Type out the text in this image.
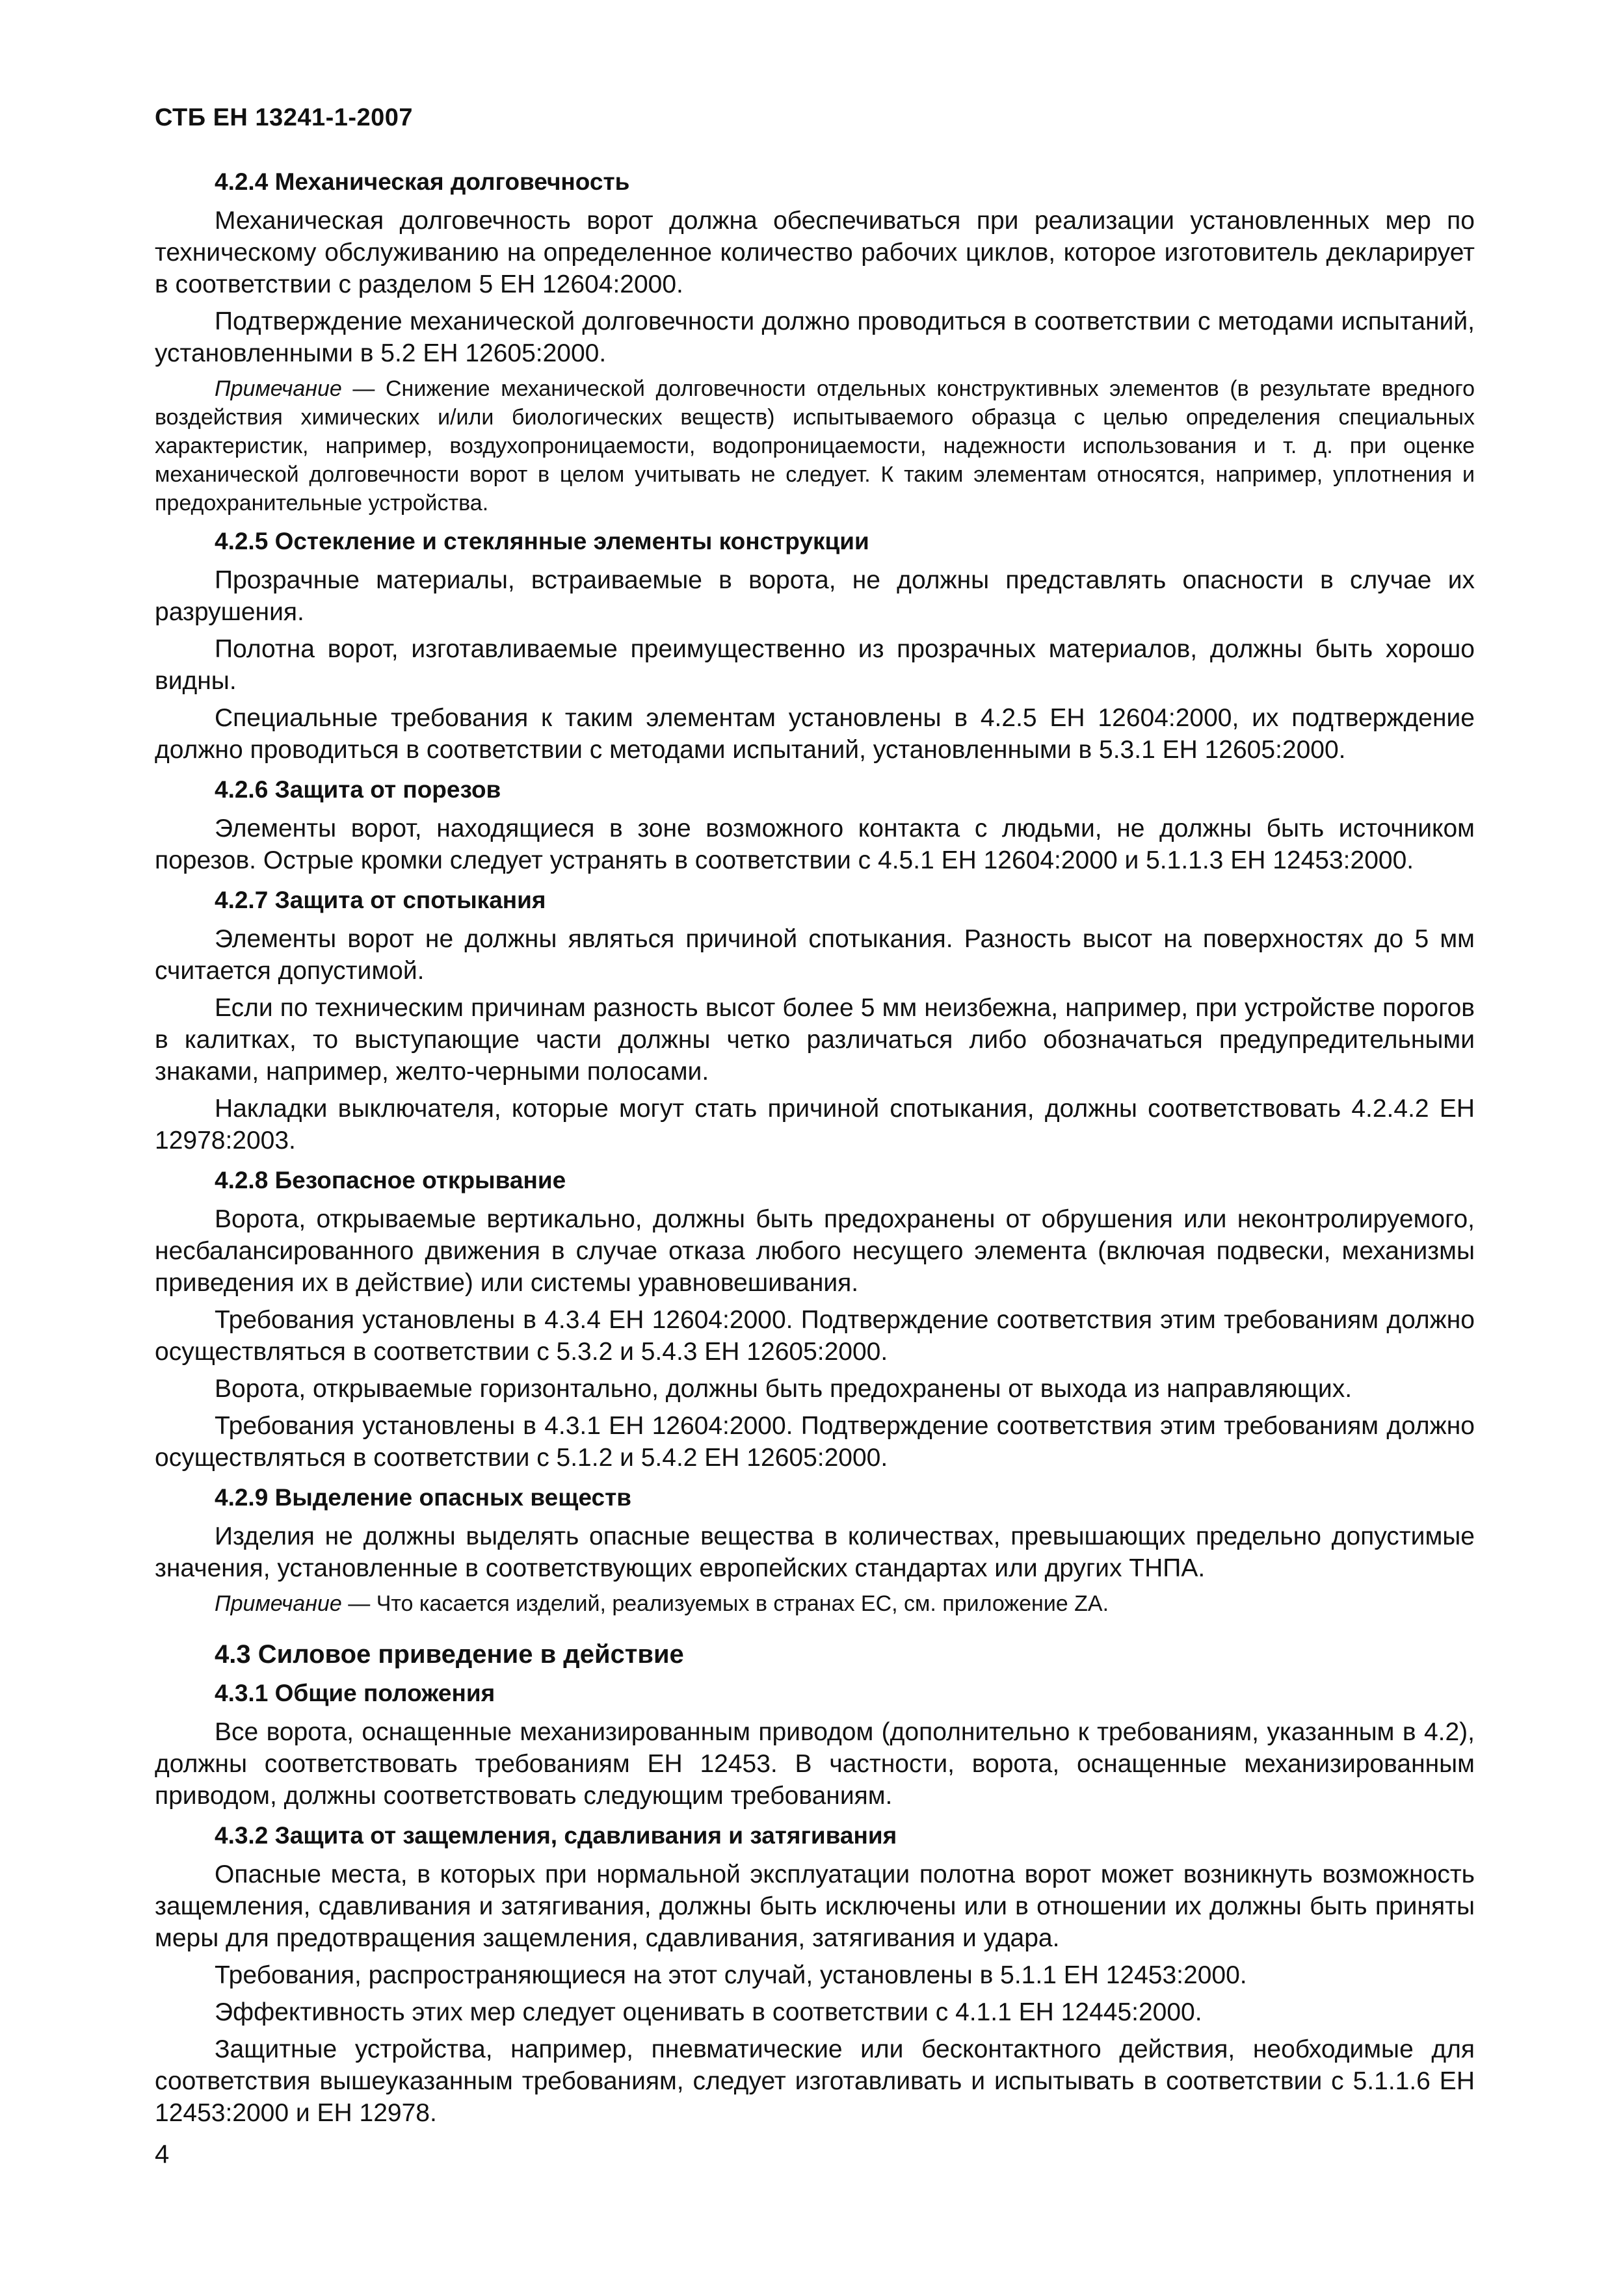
СТБ ЕН 13241-1-2007
4.2.4 Механическая долговечность

Механическая долговечность ворот должна обеспечиваться при реализации установленных мер по техническому обслуживанию на определенное количество рабочих циклов, которое изготовитель декларирует в соответствии с разделом 5 ЕН 12604:2000.

Подтверждение механической долговечности должно проводиться в соответствии с методами испытаний, установленными в 5.2 ЕН 12605:2000.

Примечание — Снижение механической долговечности отдельных конструктивных элементов (в результате вредного воздействия химических и/или биологических веществ) испытываемого образца с целью определения специальных характеристик, например, воздухопроницаемости, водопроницаемости, надежности использования и т. д. при оценке механической долговечности ворот в целом учитывать не следует. К таким элементам относятся, например, уплотнения и предохранительные устройства.

4.2.5 Остекление и стеклянные элементы конструкции

Прозрачные материалы, встраиваемые в ворота, не должны представлять опасности в случае их разрушения.

Полотна ворот, изготавливаемые преимущественно из прозрачных материалов, должны быть хорошо видны.

Специальные требования к таким элементам установлены в 4.2.5 ЕН 12604:2000, их подтверждение должно проводиться в соответствии с методами испытаний, установленными в 5.3.1 ЕН 12605:2000.

4.2.6 Защита от порезов

Элементы ворот, находящиеся в зоне возможного контакта с людьми, не должны быть источником порезов. Острые кромки следует устранять в соответствии с 4.5.1 ЕН 12604:2000 и 5.1.1.3 ЕН 12453:2000.

4.2.7 Защита от спотыкания

Элементы ворот не должны являться причиной спотыкания. Разность высот на поверхностях до 5 мм считается допустимой.

Если по техническим причинам разность высот более 5 мм неизбежна, например, при устройстве порогов в калитках, то выступающие части должны четко различаться либо обозначаться предупредительными знаками, например, желто-черными полосами.

Накладки выключателя, которые могут стать причиной спотыкания, должны соответствовать 4.2.4.2 ЕН 12978:2003.

4.2.8 Безопасное открывание

Ворота, открываемые вертикально, должны быть предохранены от обрушения или неконтролируемого, несбалансированного движения в случае отказа любого несущего элемента (включая подвески, механизмы приведения их в действие) или системы уравновешивания.

Требования установлены в 4.3.4 ЕН 12604:2000. Подтверждение соответствия этим требованиям должно осуществляться в соответствии с 5.3.2 и 5.4.3 ЕН 12605:2000.

Ворота, открываемые горизонтально, должны быть предохранены от выхода из направляющих.

Требования установлены в 4.3.1 ЕН 12604:2000. Подтверждение соответствия этим требованиям должно осуществляться в соответствии с 5.1.2 и 5.4.2 ЕН 12605:2000.

4.2.9 Выделение опасных веществ

Изделия не должны выделять опасные вещества в количествах, превышающих предельно допустимые значения, установленные в соответствующих европейских стандартах или других ТНПА.

Примечание — Что касается изделий, реализуемых в странах ЕС, см. приложение ZA.

4.3 Силовое приведение в действие
4.3.1 Общие положения

Все ворота, оснащенные механизированным приводом (дополнительно к требованиям, указанным в 4.2), должны соответствовать требованиям ЕН 12453. В частности, ворота, оснащенные механизированным приводом, должны соответствовать следующим требованиям.

4.3.2 Защита от защемления, сдавливания и затягивания

Опасные места, в которых при нормальной эксплуатации полотна ворот может возникнуть возможность защемления, сдавливания и затягивания, должны быть исключены или в отношении их должны быть приняты меры для предотвращения защемления, сдавливания, затягивания и удара.

Требования, распространяющиеся на этот случай, установлены в 5.1.1 ЕН 12453:2000.

Эффективность этих мер следует оценивать в соответствии с 4.1.1 ЕН 12445:2000.

Защитные устройства, например, пневматические или бесконтактного действия, необходимые для соответствия вышеуказанным требованиям, следует изготавливать и испытывать в соответствии с 5.1.1.6 ЕН 12453:2000 и ЕН 12978.

4
